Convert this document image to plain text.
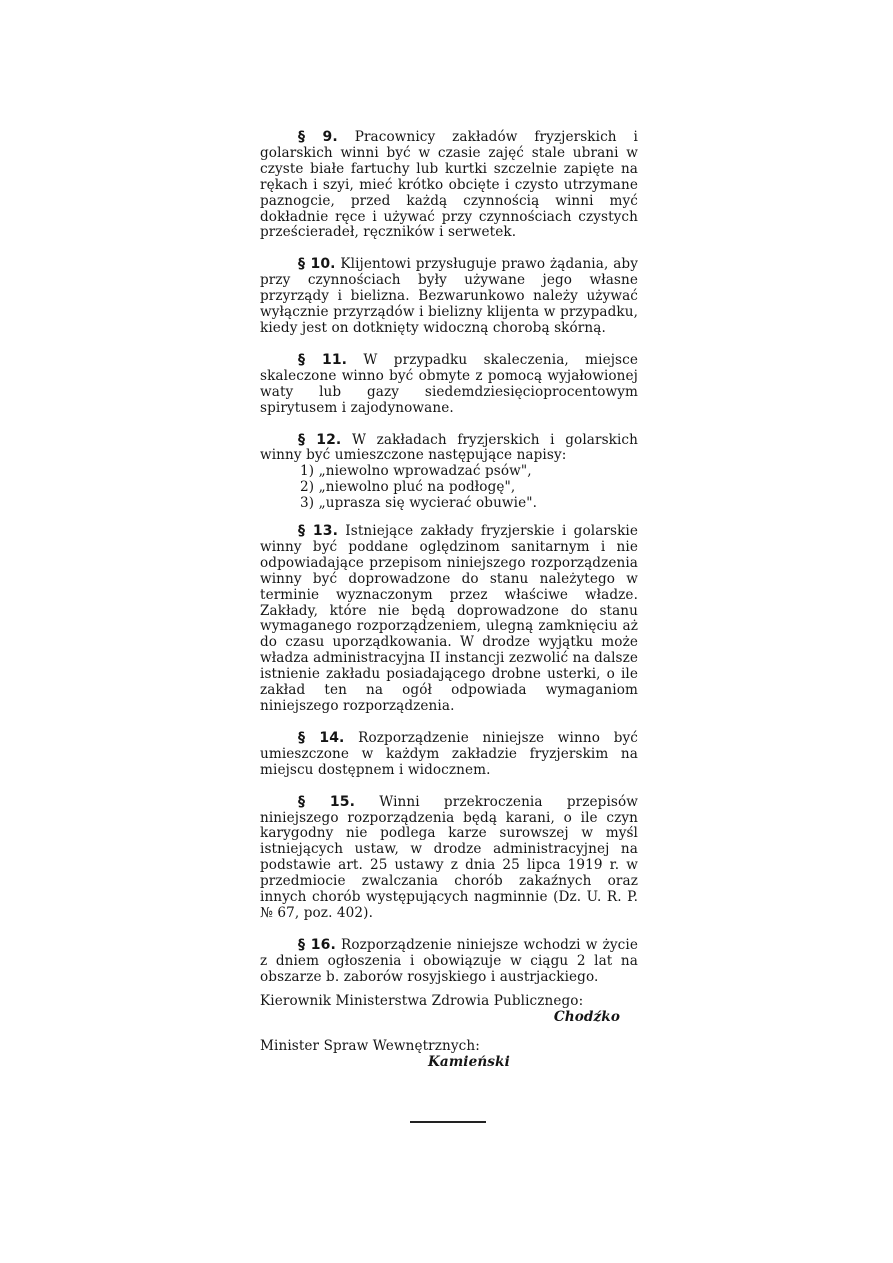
§ 9. Pracownicy zakładów fryzjerskich i golarskich winni być w czasie zajęć stale ubrani w czyste białe fartuchy lub kurtki szczelnie zapięte na rękach i szyi, mieć krótko obcięte i czysto utrzymane paznogcie, przed każdą czynnością winni myć dokładnie ręce i używać przy czynnościach czystych prześcieradeł, ręczników i serwetek.

§ 10. Klijentowi przysługuje prawo żądania, aby przy czynnościach były używane jego własne przyrządy i bielizna. Bezwarunkowo należy używać wyłącznie przyrządów i bielizny klijenta w przypadku, kiedy jest on dotknięty widoczną chorobą skórną.

§ 11. W przypadku skaleczenia, miejsce skaleczone winno być obmyte z pomocą wyjałowionej waty lub gazy siedemdziesięcioprocentowym spirytusem i zajodynowane.

§ 12. W zakładach fryzjerskich i golarskich winny być umieszczone następujące napisy:

1) „niewolno wprowadzać psów",
2) „niewolno pluć na podłogę",
3) „uprasza się wycierać obuwie".

§ 13. Istniejące zakłady fryzjerskie i golarskie winny być poddane oględzinom sanitarnym i nie odpowiadające przepisom niniejszego rozporządzenia winny być doprowadzone do stanu należytego w terminie wyznaczonym przez właściwe władze. Zakłady, które nie będą doprowadzone do stanu wymaganego rozporządzeniem, ulegną zamknięciu aż do czasu uporządkowania. W drodze wyjątku może władza administracyjna II instancji zezwolić na dalsze istnienie zakładu posiadającego drobne usterki, o ile zakład ten na ogół odpowiada wymaganiom niniejszego rozporządzenia.

§ 14. Rozporządzenie niniejsze winno być umieszczone w każdym zakładzie fryzjerskim na miejscu dostępnem i widocznem.

§ 15. Winni przekroczenia przepisów niniejszego rozporządzenia będą karani, o ile czyn karygodny nie podlega karze surowszej w myśl istniejących ustaw, w drodze administracyjnej na podstawie art. 25 ustawy z dnia 25 lipca 1919 r. w przedmiocie zwalczania chorób zakaźnych oraz innych chorób występujących nagminnie (Dz. U. R. P. № 67, poz. 402).

§ 16. Rozporządzenie niniejsze wchodzi w życie z dniem ogłoszenia i obowiązuje w ciągu 2 lat na obszarze b. zaborów rosyjskiego i austrjackiego.

Kierownik Ministerstwa Zdrowia Publicznego:

Chodźko

Minister Spraw Wewnętrznych:

Kamieński
